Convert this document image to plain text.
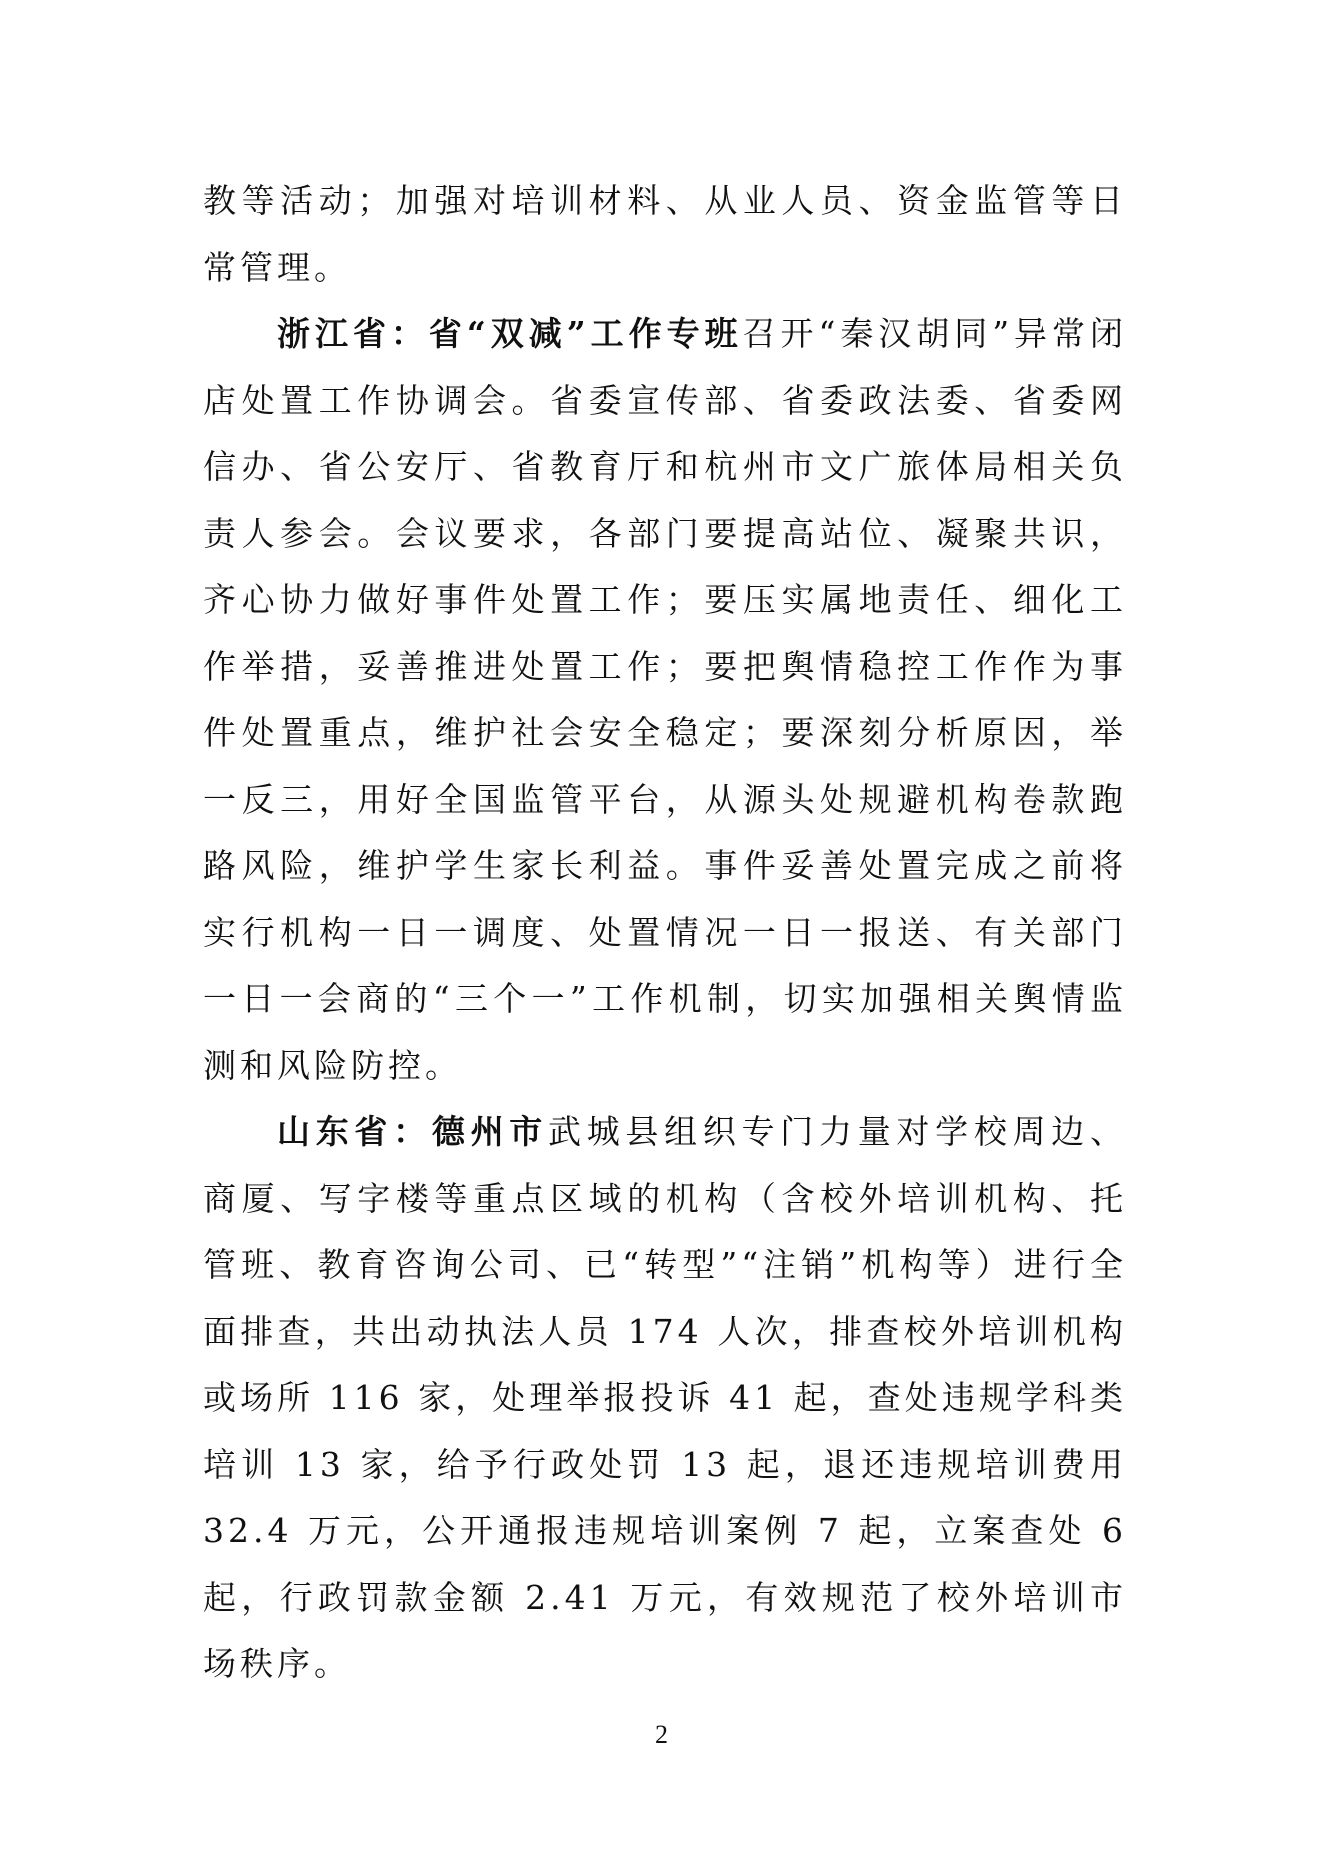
教等活动；加强对培训材料、从业人员、资金监管等日常管理。

浙江省：省“双减”工作专班召开“秦汉胡同”异常闭店处置工作协调会。省委宣传部、省委政法委、省委网信办、省公安厅、省教育厅和杭州市文广旅体局相关负责人参会。会议要求，各部门要提高站位、凝聚共识，齐心协力做好事件处置工作；要压实属地责任、细化工作举措，妥善推进处置工作；要把舆情稳控工作作为事件处置重点，维护社会安全稳定；要深刻分析原因，举一反三，用好全国监管平台，从源头处规避机构卷款跑路风险，维护学生家长利益。事件妥善处置完成之前将实行机构一日一调度、处置情况一日一报送、有关部门一日一会商的“三个一”工作机制，切实加强相关舆情监测和风险防控。

山东省：德州市武城县组织专门力量对学校周边、商厦、写字楼等重点区域的机构（含校外培训机构、托管班、教育咨询公司、已“转型”“注销”机构等）进行全面排查，共出动执法人员 174 人次，排查校外培训机构或场所 116 家，处理举报投诉 41 起，查处违规学科类培训 13 家，给予行政处罚 13 起，退还违规培训费用 32.4 万元，公开通报违规培训案例 7 起，立案查处 6 起，行政罚款金额 2.41 万元，有效规范了校外培训市场秩序。

2
